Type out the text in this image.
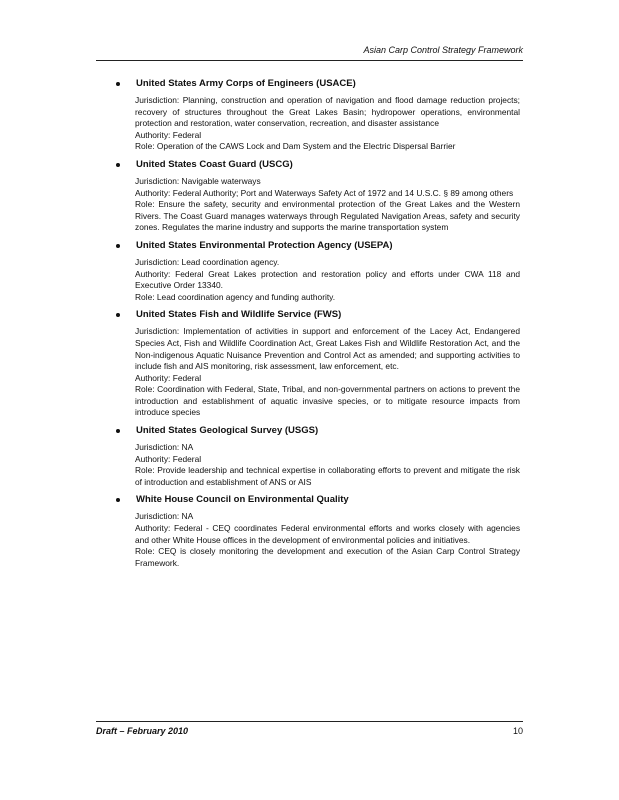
Asian Carp Control Strategy Framework
United States Army Corps of Engineers (USACE)
Jurisdiction: Planning, construction and operation of navigation and flood damage reduction projects; recovery of structures throughout the Great Lakes Basin; hydropower operations, environmental protection and restoration, water conservation, recreation, and disaster assistance
Authority: Federal
Role: Operation of the CAWS Lock and Dam System and the Electric Dispersal Barrier
United States Coast Guard (USCG)
Jurisdiction: Navigable waterways
Authority: Federal Authority; Port and Waterways Safety Act of 1972 and 14 U.S.C. § 89 among others
Role: Ensure the safety, security and environmental protection of the Great Lakes and the Western Rivers. The Coast Guard manages waterways through Regulated Navigation Areas, safety and security zones. Regulates the marine industry and supports the marine transportation system
United States Environmental Protection Agency (USEPA)
Jurisdiction: Lead coordination agency.
Authority: Federal Great Lakes protection and restoration policy and efforts under CWA 118 and Executive Order 13340.
Role: Lead coordination agency and funding authority.
United States Fish and Wildlife Service (FWS)
Jurisdiction: Implementation of activities in support and enforcement of the Lacey Act, Endangered Species Act, Fish and Wildlife Coordination Act, Great Lakes Fish and Wildlife Restoration Act, and the Non-indigenous Aquatic Nuisance Prevention and Control Act as amended; and supporting activities to include fish and AIS monitoring, risk assessment, law enforcement, etc.
Authority: Federal
Role: Coordination with Federal, State, Tribal, and non-governmental partners on actions to prevent the introduction and establishment of aquatic invasive species, or to mitigate resource impacts from introduce species
United States Geological Survey (USGS)
Jurisdiction: NA
Authority: Federal
Role: Provide leadership and technical expertise in collaborating efforts to prevent and mitigate the risk of introduction and establishment of ANS or AIS
White House Council on Environmental Quality
Jurisdiction: NA
Authority: Federal - CEQ coordinates Federal environmental efforts and works closely with agencies and other White House offices in the development of environmental policies and initiatives.
Role: CEQ is closely monitoring the development and execution of the Asian Carp Control Strategy Framework.
Draft – February 2010	10
